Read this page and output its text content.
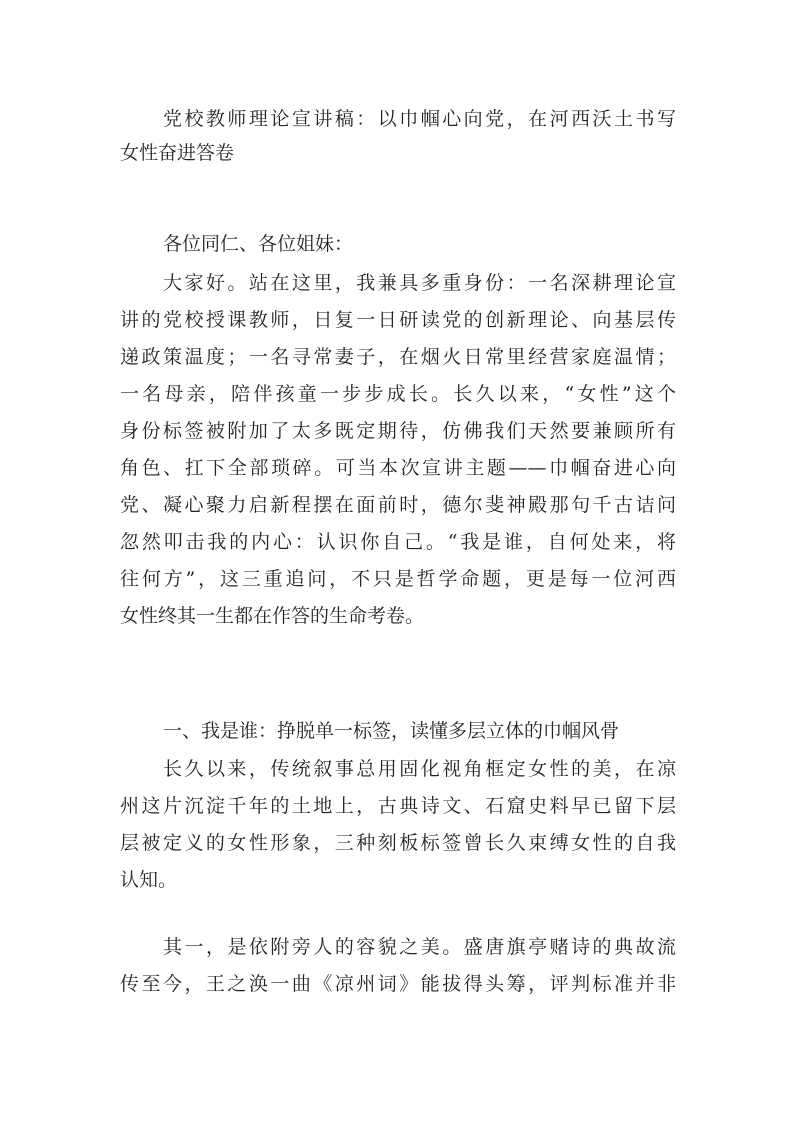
党校教师理论宣讲稿：以巾帼心向党，在河西沃土书写
女性奋进答卷
各位同仁、各位姐妹：
大家好。站在这里，我兼具多重身份：一名深耕理论宣
讲的党校授课教师，日复一日研读党的创新理论、向基层传
递政策温度；一名寻常妻子，在烟火日常里经营家庭温情；
一名母亲，陪伴孩童一步步成长。长久以来，“女性”这个
身份标签被附加了太多既定期待，仿佛我们天然要兼顾所有
角色、扛下全部琐碎。可当本次宣讲主题——巾帼奋进心向
党、凝心聚力启新程摆在面前时，德尔斐神殿那句千古诘问
忽然叩击我的内心：认识你自己。“我是谁，自何处来，将
往何方”，这三重追问，不只是哲学命题，更是每一位河西
女性终其一生都在作答的生命考卷。
一、我是谁：挣脱单一标签，读懂多层立体的巾帼风骨
长久以来，传统叙事总用固化视角框定女性的美，在凉
州这片沉淀千年的土地上，古典诗文、石窟史料早已留下层
层被定义的女性形象，三种刻板标签曾长久束缚女性的自我
认知。
其一，是依附旁人的容貌之美。盛唐旗亭赌诗的典故流
传至今，王之涣一曲《凉州词》能拔得头筹，评判标准并非
